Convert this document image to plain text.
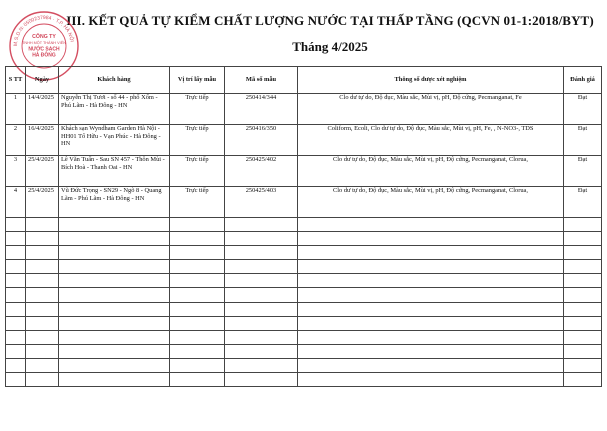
III. KẾT QUẢ TỰ KIỂM CHẤT LƯỢNG NƯỚC TẠI THẤP TẦNG (QCVN 01-1:2018/BYT)
Tháng 4/2025
M.S.D.N: 0500237984 · T.P. HÀ NỘI
CÔNG TY
TNHH MỘT THÀNH VIÊN
NƯỚC SẠCH
HÀ ĐÔNG
S TT	Ngày	Khách hàng	Vị trí lấy mẫu	Mã số mẫu	Thông số được xét nghiệm	Đánh giá
1	14/4/2025	Nguyễn Thị Tươi - số 44 - phố Xốm - Phú Lãm - Hà Đông - HN	Trực tiếp	250414/344	Clo dư tự do, Độ đục, Màu sắc, Mùi vị, pH, Độ cứng, Pecmanganat, Fe	Đạt
2	16/4/2025	Khách sạn Wyndham Garden Hà Nội - HH01 Tố Hữu - Vạn Phúc - Hà Đông - HN	Trực tiếp	250416/350	Coliform, Ecoli, Clo dư tự do, Độ đục, Màu sắc, Mùi vị, pH, Fe, , N-NO3-, TDS	Đạt
3	25/4/2025	Lê Văn Tuấn - Sau SN 457 - Thôn Mùi - Bích Hoà - Thanh Oai - HN	Trực tiếp	250425/402	Clo dư tự do, Độ đục, Màu sắc, Mùi vị, pH, Độ cứng, Pecmanganat, Clorua,	Đạt
4	25/4/2025	Vũ Đức Trọng - SN29 - Ngõ 8 - Quang Lãm - Phú Lãm - Hà Đông - HN	Trực tiếp	250425/403	Clo dư tự do, Độ đục, Màu sắc, Mùi vị, pH, Độ cứng, Pecmanganat, Clorua,	Đạt
